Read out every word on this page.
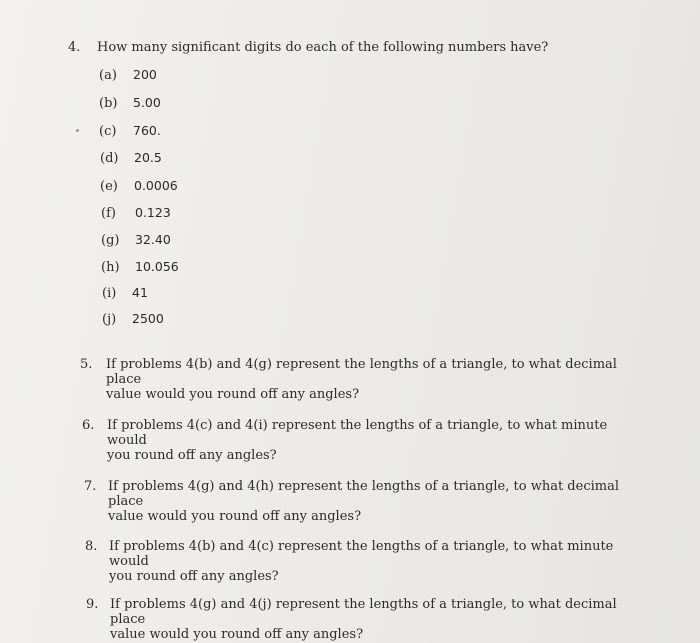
4. How many significant digits do each of the following numbers have?
(a)	200
(b)	5.00
(c)	760.
(d)	20.5
(e)	0.0006
(f)	0.123
(g)	32.40
(h)	10.056
(i)	41
(j)	2500
5. If problems 4(b) and 4(g) represent the lengths of a triangle, to what decimal place
value would you round off any angles?
6. If problems 4(c) and 4(i) represent the lengths of a triangle, to what minute would
you round off any angles?
7. If problems 4(g) and 4(h) represent the lengths of a triangle, to what decimal place
value would you round off any angles?
8. If problems 4(b) and 4(c) represent the lengths of a triangle, to what minute would
you round off any angles?
9. If problems 4(g) and 4(j) represent the lengths of a triangle, to what decimal place
value would you round off any angles?
